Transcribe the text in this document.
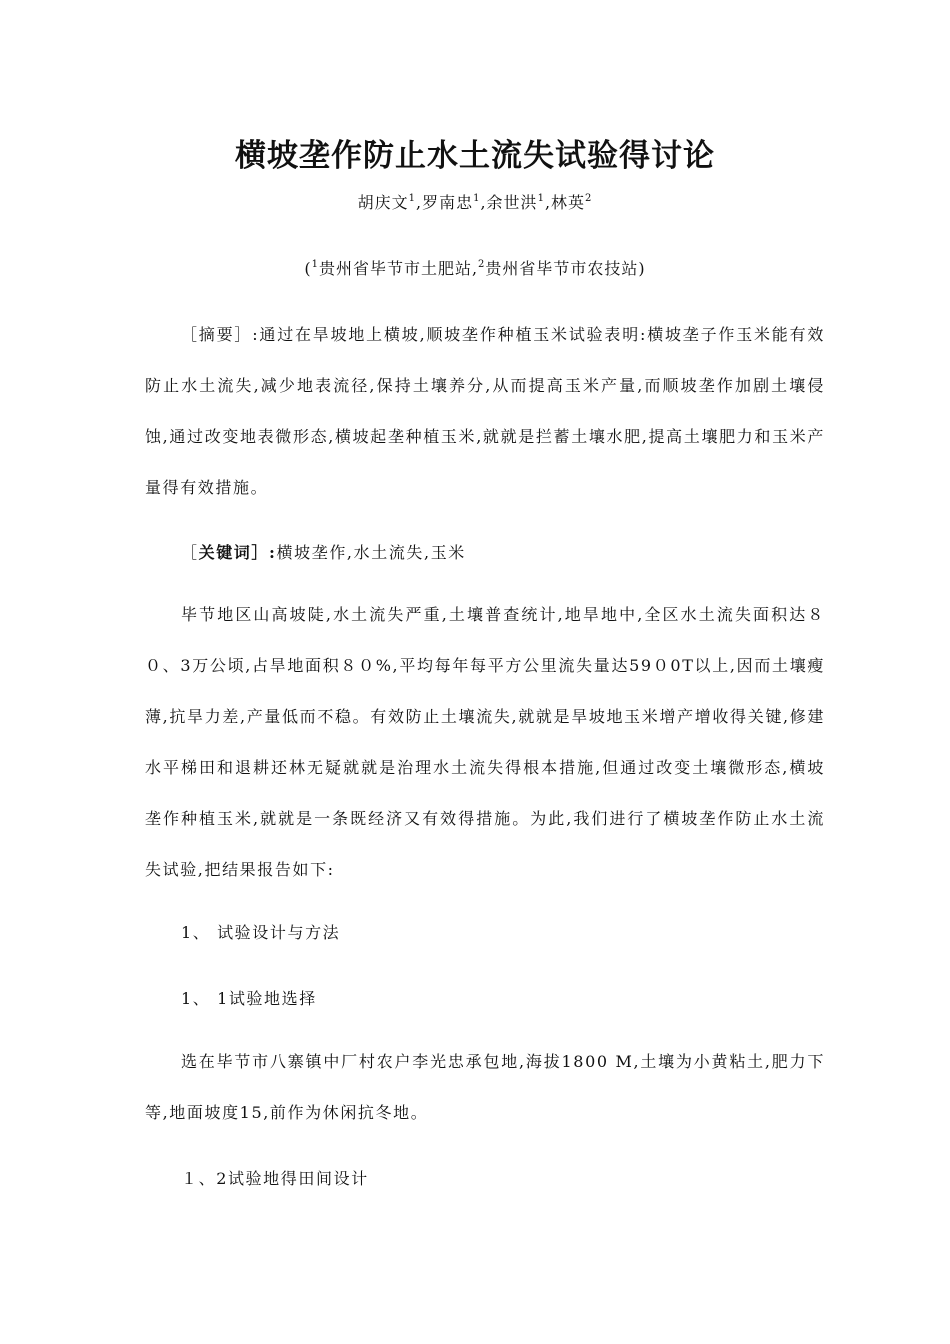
横坡垄作防止水土流失试验得讨论
胡庆文$^1$,罗南忠$^1$,余世洪$^1$,林英$^2$
($^1$贵州省毕节市土肥站,$^2$贵州省毕节市农技站)

［摘要］:通过在旱坡地上横坡,顺坡垄作种植玉米试验表明:横坡垄子作玉米能有效防止水土流失,减少地表流径,保持土壤养分,从而提高玉米产量,而顺坡垄作加剧土壤侵蚀,通过改变地表微形态,横坡起垄种植玉米,就就是拦蓄土壤水肥,提高土壤肥力和玉米产量得有效措施。

［关键词］:横坡垄作,水土流失,玉米

毕节地区山高坡陡,水土流失严重,土壤普查统计,地旱地中,全区水土流失面积达８０、3万公顷,占旱地面积８０%,平均每年每平方公里流失量达59０0T以上,因而土壤瘦薄,抗旱力差,产量低而不稳。有效防止土壤流失,就就是旱坡地玉米增产增收得关键,修建水平梯田和退耕还林无疑就就是治理水土流失得根本措施,但通过改变土壤微形态,横坡垄作种植玉米,就就是一条既经济又有效得措施。为此,我们进行了横坡垄作防止水土流失试验,把结果报告如下:

1、 试验设计与方法
1、 1试验地选择

选在毕节市八寨镇中厂村农户李光忠承包地,海拔1800 M,土壤为小黄粘土,肥力下等,地面坡度15,前作为休闲抗冬地。

１、2试验地得田间设计
